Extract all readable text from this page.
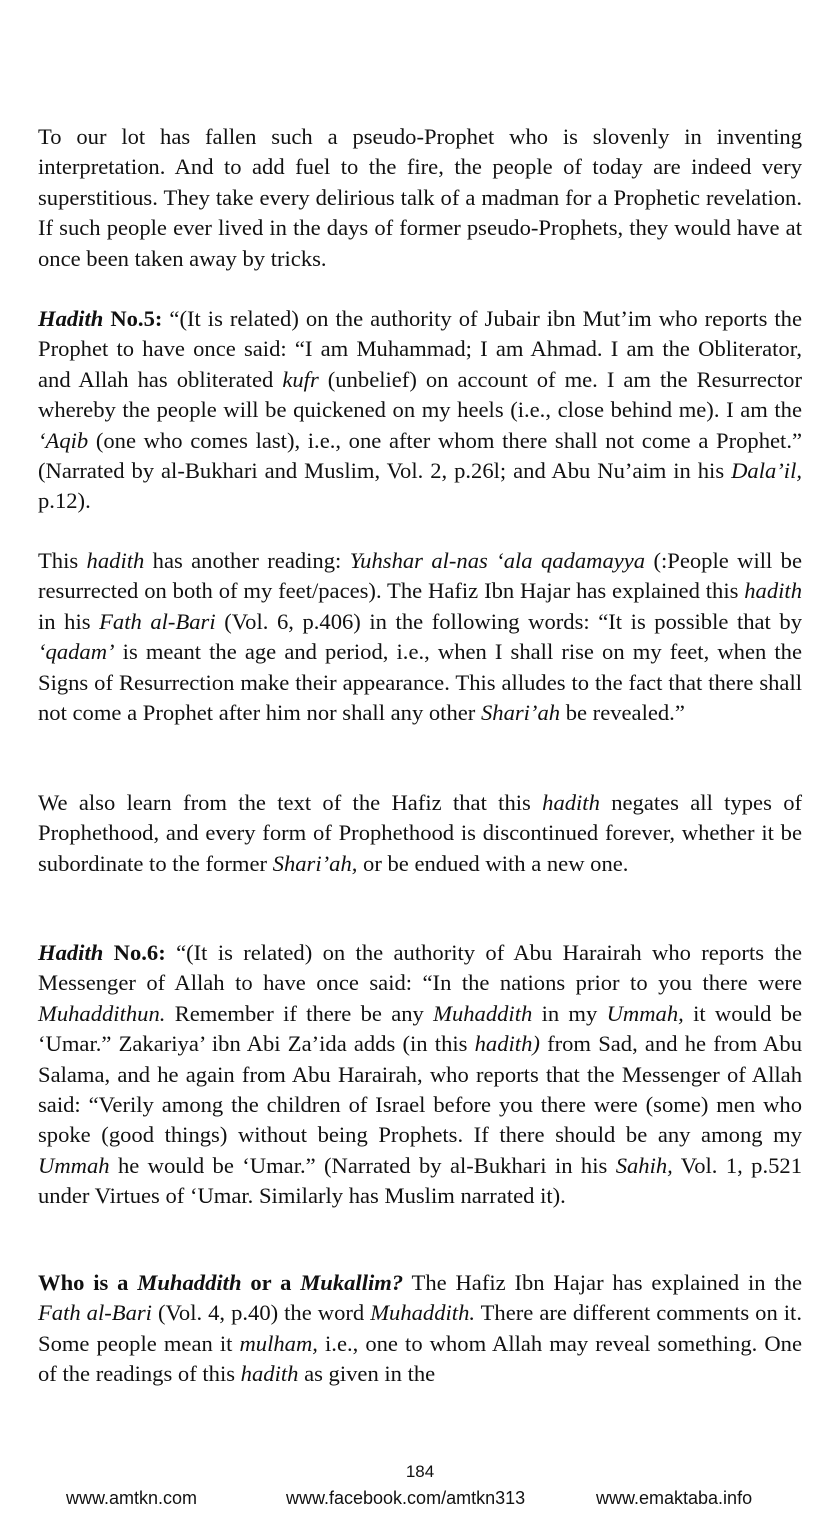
To our lot has fallen such a pseudo-Prophet who is slovenly in inventing interpretation. And to add fuel to the fire, the people of today are indeed very superstitious. They take every delirious talk of a madman for a Prophetic revelation. If such people ever lived in the days of former pseudo-Prophets, they would have at once been taken away by tricks.

Hadith No.5: “(It is related) on the authority of Jubair ibn Mut’im who reports the Prophet to have once said: “I am Muhammad; I am Ahmad. I am the Obliterator, and Allah has obliterated kufr (unbelief) on account of me. I am the Resurrector whereby the people will be quickened on my heels (i.e., close behind me). I am the ‘Aqib (one who comes last), i.e., one after whom there shall not come a Prophet.” (Narrated by al-Bukhari and Muslim, Vol. 2, p.26l; and Abu Nu’aim in his Dala’il, p.12).

This hadith has another reading: Yuhshar al-nas ‘ala qadamayya (:People will be resurrected on both of my feet/paces). The Hafiz Ibn Hajar has explained this hadith in his Fath al-Bari (Vol. 6, p.406) in the following words: “It is possible that by ‘qadam’ is meant the age and period, i.e., when I shall rise on my feet, when the Signs of Resurrection make their appearance. This alludes to the fact that there shall not come a Prophet after him nor shall any other Shari’ah be revealed.”

We also learn from the text of the Hafiz that this hadith negates all types of Prophethood, and every form of Prophethood is discontinued forever, whether it be subordinate to the former Shari’ah, or be endued with a new one.

Hadith No.6: “(It is related) on the authority of Abu Harairah who reports the Messenger of Allah to have once said: “In the nations prior to you there were Muhaddithun. Remember if there be any Muhaddith in my Ummah, it would be ‘Umar.” Zakariya’ ibn Abi Za’ida adds (in this hadith) from Sad, and he from Abu Salama, and he again from Abu Harairah, who reports that the Messenger of Allah said: “Verily among the children of Israel before you there were (some) men who spoke (good things) without being Prophets. If there should be any among my Ummah he would be ‘Umar.” (Narrated by al-Bukhari in his Sahih, Vol. 1, p.521 under Virtues of ‘Umar. Similarly has Muslim narrated it).

Who is a Muhaddith or a Mukallim? The Hafiz Ibn Hajar has explained in the Fath al-Bari (Vol. 4, p.40) the word Muhaddith. There are different comments on it. Some people mean it mulham, i.e., one to whom Allah may reveal something. One of the readings of this hadith as given in the

184
www.amtkn.com	www.facebook.com/amtkn313	www.emaktaba.info
